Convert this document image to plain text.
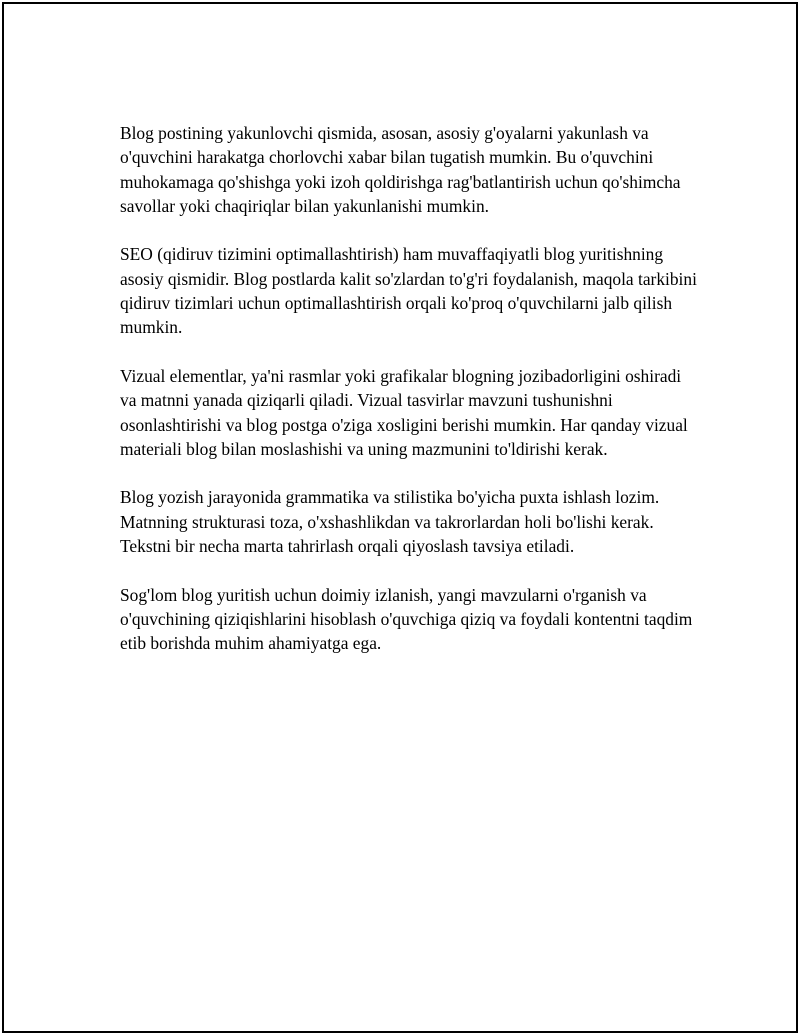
Blog postining yakunlovchi qismida, asosan, asosiy g'oyalarni yakunlash va o'quvchini harakatga chorlovchi xabar bilan tugatish mumkin. Bu o'quvchini muhokamaga qo'shishga yoki izoh qoldirishga rag'batlantirish uchun qo'shimcha savollar yoki chaqiriqlar bilan yakunlanishi mumkin.

SEO (qidiruv tizimini optimallashtirish) ham muvaffaqiyatli blog yuritishning asosiy qismidir. Blog postlarda kalit so'zlardan to'g'ri foydalanish, maqola tarkibini qidiruv tizimlari uchun optimallashtirish orqali ko'proq o'quvchilarni jalb qilish mumkin.

Vizual elementlar, ya'ni rasmlar yoki grafikalar blogning jozibadorligini oshiradi va matnni yanada qiziqarli qiladi. Vizual tasvirlar mavzuni tushunishni osonlashtirishi va blog postga o'ziga xosligini berishi mumkin. Har qanday vizual materiali blog bilan moslashishi va uning mazmunini to'ldirishi kerak.

Blog yozish jarayonida grammatika va stilistika bo'yicha puxta ishlash lozim. Matnning strukturasi toza, o'xshashlikdan va takrorlardan holi bo'lishi kerak. Tekstni bir necha marta tahrirlash orqali qiyoslash tavsiya etiladi.

Sog'lom blog yuritish uchun doimiy izlanish, yangi mavzularni o'rganish va o'quvchining qiziqishlarini hisoblash o'quvchiga qiziq va foydali kontentni taqdim etib borishda muhim ahamiyatga ega.
